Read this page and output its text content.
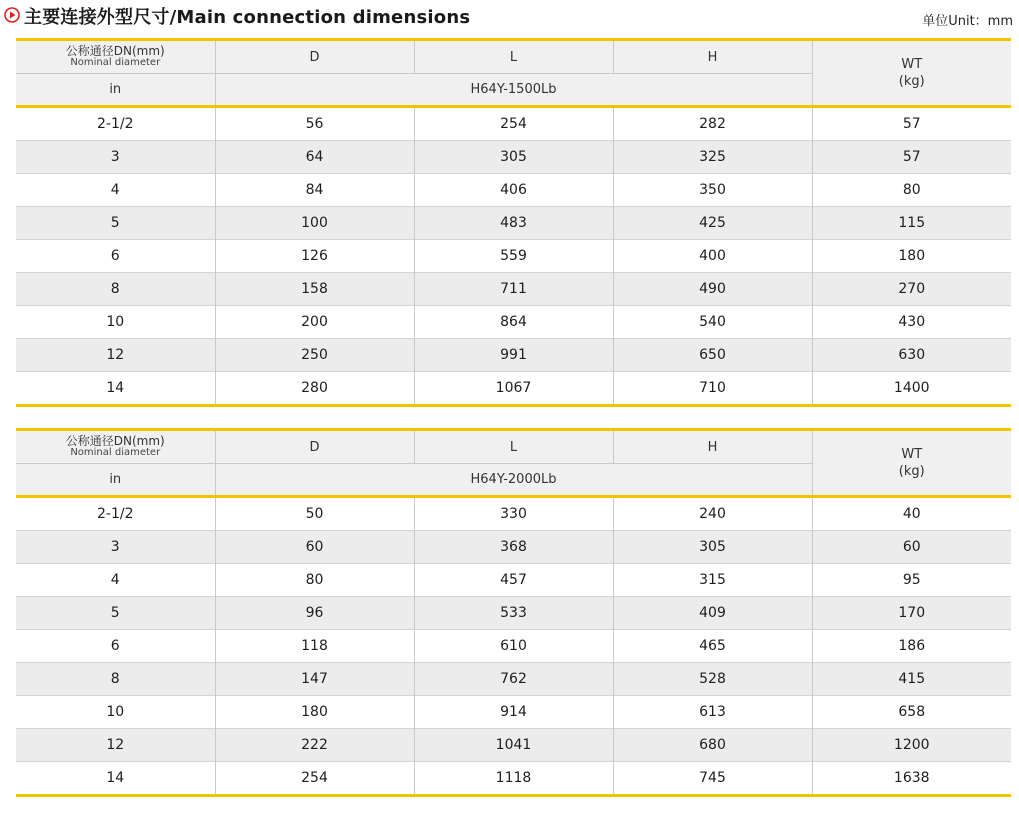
主要连接外型尺寸/Main connection dimensions	单位Unit：mm
公称通径DN(mm)
Nominal diameter	D	L	H	WT
(kg)
in	H64Y-1500Lb			
2-1/2	56	254	282	57
3	64	305	325	57
4	84	406	350	80
5	100	483	425	115
6	126	559	400	180
8	158	711	490	270
10	200	864	540	430
12	250	991	650	630
14	280	1067	710	1400
公称通径DN(mm)
Nominal diameter	D	L	H	WT
(kg)
in	H64Y-2000Lb			
2-1/2	50	330	240	40
3	60	368	305	60
4	80	457	315	95
5	96	533	409	170
6	118	610	465	186
8	147	762	528	415
10	180	914	613	658
12	222	1041	680	1200
14	254	1118	745	1638
